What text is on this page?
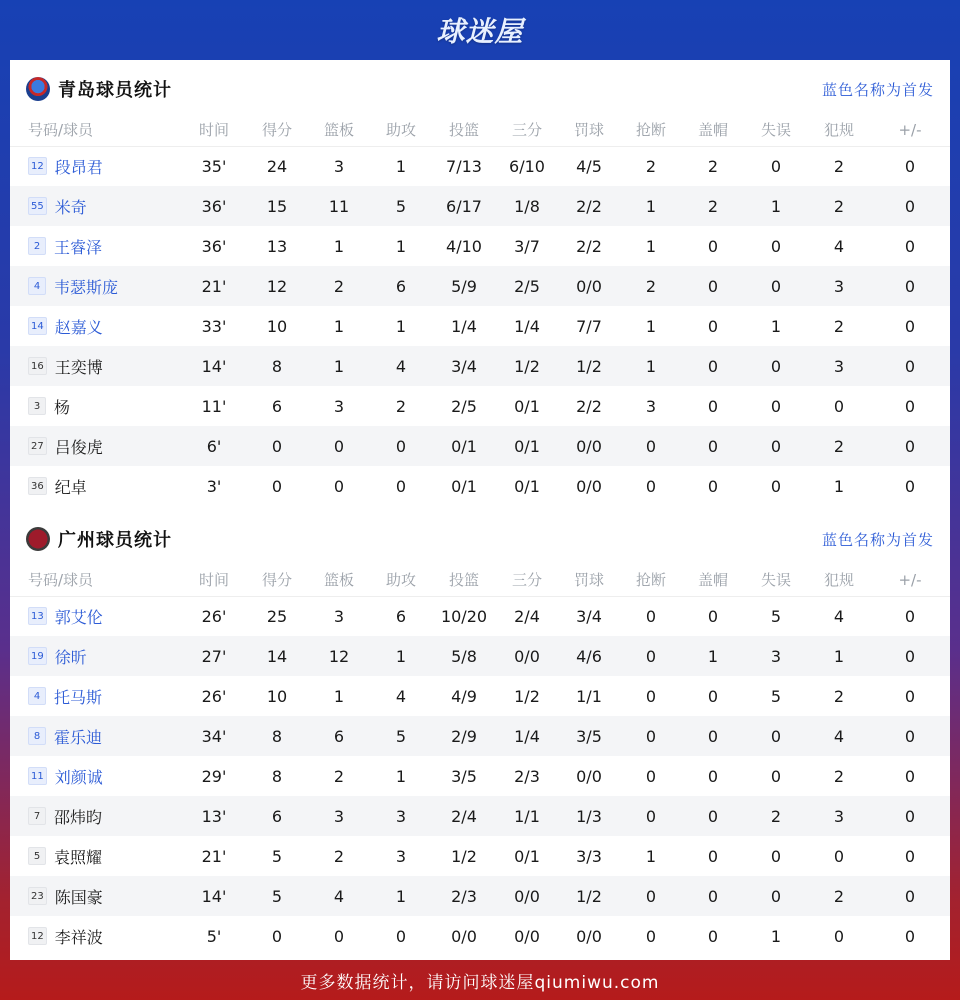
球迷屋
青岛球员统计	蓝色名称为首发
号码/球员	时间	得分	篮板	助攻	投篮	三分	罚球	抢断	盖帽	失误	犯规	+/-
12 段昂君	35'	24	3	1	7/13	6/10	4/5	2	2	0	2	0
55 米奇	36'	15	11	5	6/17	1/8	2/2	1	2	1	2	0
2 王睿泽	36'	13	1	1	4/10	3/7	2/2	1	0	0	4	0
4 韦瑟斯庞	21'	12	2	6	5/9	2/5	0/0	2	0	0	3	0
14 赵嘉义	33'	10	1	1	1/4	1/4	7/7	1	0	1	2	0
16 王奕博	14'	8	1	4	3/4	1/2	1/2	1	0	0	3	0
3 杨	11'	6	3	2	2/5	0/1	2/2	3	0	0	0	0
27 吕俊虎	6'	0	0	0	0/1	0/1	0/0	0	0	0	2	0
36 纪卓	3'	0	0	0	0/1	0/1	0/0	0	0	0	1	0
广州球员统计	蓝色名称为首发
号码/球员	时间	得分	篮板	助攻	投篮	三分	罚球	抢断	盖帽	失误	犯规	+/-
13 郭艾伦	26'	25	3	6	10/20	2/4	3/4	0	0	5	4	0
19 徐昕	27'	14	12	1	5/8	0/0	4/6	0	1	3	1	0
4 托马斯	26'	10	1	4	4/9	1/2	1/1	0	0	5	2	0
8 霍乐迪	34'	8	6	5	2/9	1/4	3/5	0	0	0	4	0
11 刘颜诚	29'	8	2	1	3/5	2/3	0/0	0	0	0	2	0
7 邵炜昀	13'	6	3	3	2/4	1/1	1/3	0	0	2	3	0
5 袁照耀	21'	5	2	3	1/2	0/1	3/3	1	0	0	0	0
23 陈国豪	14'	5	4	1	2/3	0/0	1/2	0	0	0	2	0
12 李祥波	5'	0	0	0	0/0	0/0	0/0	0	0	1	0	0
更多数据统计，请访问球迷屋qiumiwu.com
